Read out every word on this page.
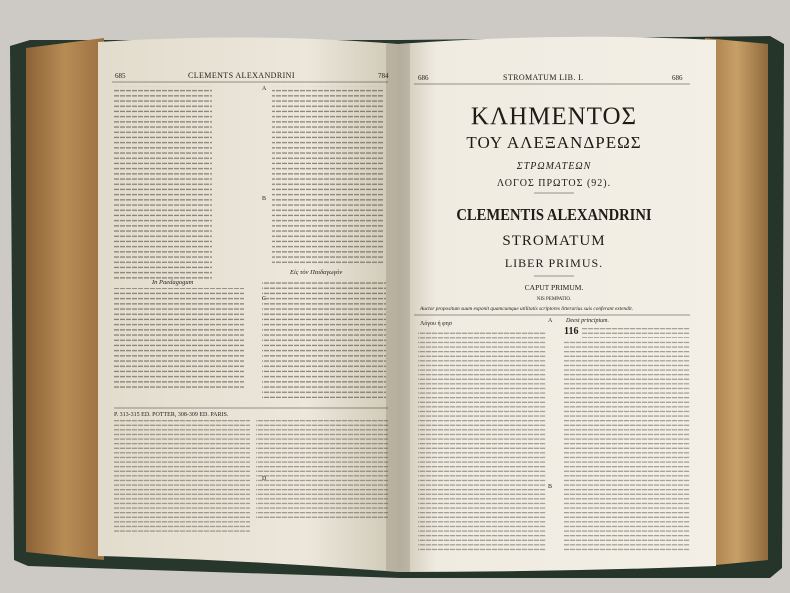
685	CLEMENTS ALEXANDRINI	784
In Paedagogum
Εἰς τὸν Παιδαγωγόν
A
B
C
P. 313-315 ED. POTTER, 308-309 ED. PARIS.
686	STROMATUM LIB. I.	686
ΚΛΗΜΕΝΤΟΣ
ΤΟΥ ΑΛΕΞΑΝΔΡΕΩΣ
ΣΤΡΩΜΑΤΕΩΝ
ΛΟΓΟΣ ΠΡΩΤΟΣ (92).
CLEMENTIS ALEXANDRINI
STROMATUM
LIBER PRIMUS.
CAPUT PRIMUM.
NIS PEMPATIO.
Auctor propositum suum exponit quamcumque utilitatis scriptores litterarius suis conferant extendit.
Λόγου ἡ φησ	Deest principium.
116
A
B
